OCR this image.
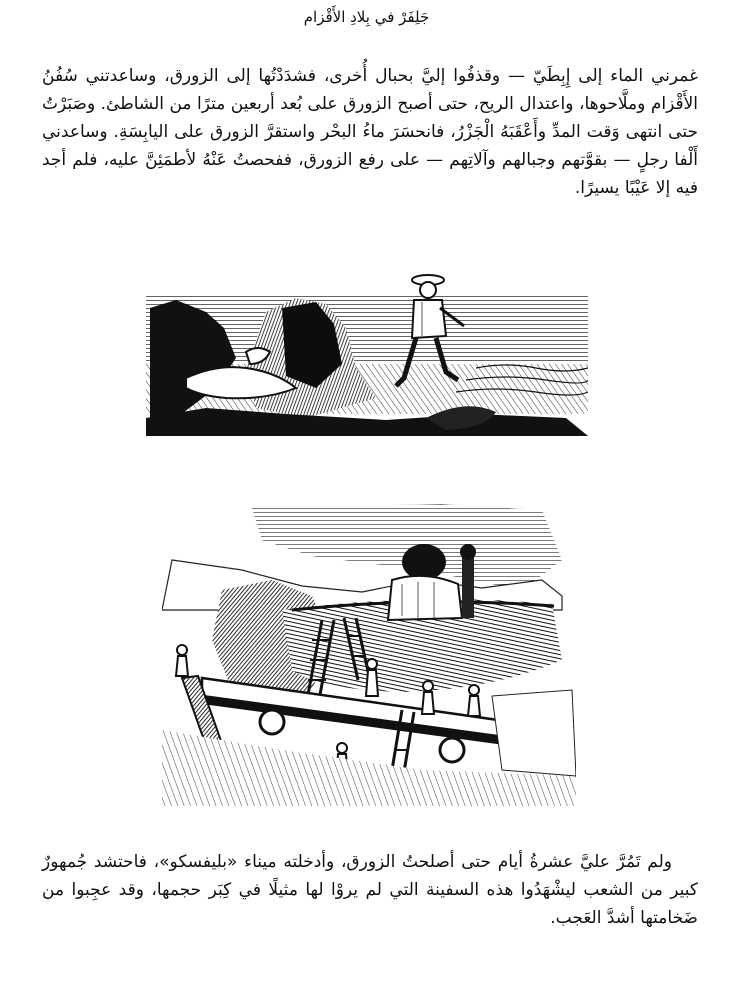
جَلِفَرْ في بِلادِ الأَقْزام
غمرني الماء إلى إِبِطَيّ — وقذفُوا إليَّ بحبال أُخرى، فشدَدْتُها إلى الزورق، وساعدتني سُفُنُ الأَقْزام وملَّاحوها، واعتدال الريح، حتى أصبح الزورق على بُعد أربعين مترًا من الشاطئ. وصَبَرْتُ حتى انتهى وَقت المدِّ وأَعْقَبَهُ الْجَزْرُ، فانحسَرَ ماءُ البحْر واستقرَّ الزورق على اليابِسَةِ. وساعدني أَلْفا رجلٍ — بقوَّتهم وجبالهم وآلاتِهم — على رفع الزورق، ففحصتُ عَنْهُ لأطمَئِنَّ عليه، فلم أجد فيه إلا عَيْبًا يسيرًا.
ولم تَمُرَّ عليَّ عشرةُ أيام حتى أصلحتُ الزورق، وأدخلته ميناء «بليفسكو»، فاحتشد جُمهورٌ كبير من الشعب ليشْهَدُوا هذه السفينة التي لم يروْا لها مثيلًا في كِبَر حجمها، وقد عجِبوا من ضَخامتها أشدَّ العَجب.
